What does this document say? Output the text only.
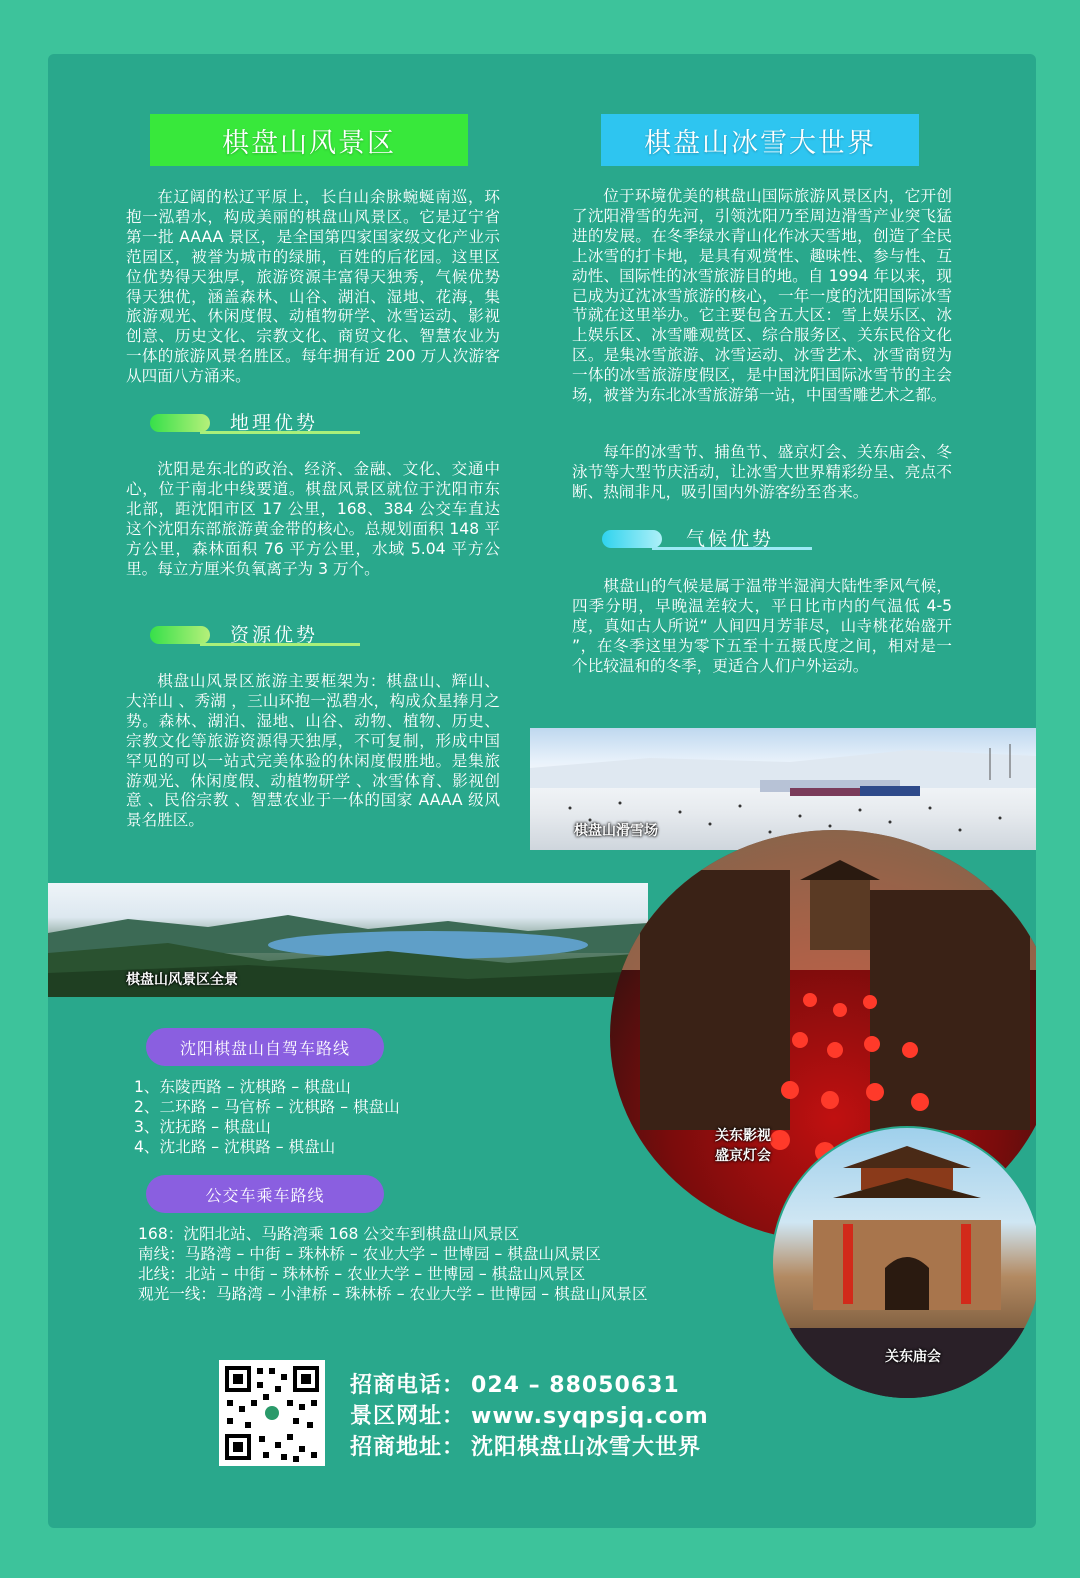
棋盘山风景区

在辽阔的松辽平原上，长白山余脉蜿蜒南巡，环抱一泓碧水，构成美丽的棋盘山风景区。它是辽宁省第一批 AAAA 景区，是全国第四家国家级文化产业示范园区，被誉为城市的绿肺，百姓的后花园。这里区位优势得天独厚，旅游资源丰富得天独秀，气候优势得天独优，涵盖森林、山谷、湖泊、湿地、花海，集旅游观光、休闲度假、动植物研学、冰雪运动、影视创意、历史文化、宗教文化、商贸文化、智慧农业为一体的旅游风景名胜区。每年拥有近 200 万人次游客从四面八方涌来。

地理优势

沈阳是东北的政治、经济、金融、文化、交通中心，位于南北中线要道。棋盘风景区就位于沈阳市东北部，距沈阳市区 17 公里，168、384 公交车直达这个沈阳东部旅游黄金带的核心。总规划面积 148 平方公里，森林面积 76 平方公里，水域 5.04 平方公里。每立方厘米负氧离子为 3 万个。

资源优势

棋盘山风景区旅游主要框架为：棋盘山、辉山、大洋山 、秀湖 ，三山环抱一泓碧水，构成众星捧月之势。森林、湖泊、湿地、山谷、动物、植物、历史、宗教文化等旅游资源得天独厚，不可复制，形成中国罕见的可以一站式完美体验的休闲度假胜地。是集旅游观光、休闲度假、动植物研学 、冰雪体育、影视创意 、民俗宗教 、智慧农业于一体的国家 AAAA 级风景名胜区。

棋盘山冰雪大世界

位于环境优美的棋盘山国际旅游风景区内，它开创了沈阳滑雪的先河，引领沈阳乃至周边滑雪产业突飞猛进的发展。在冬季绿水青山化作冰天雪地，创造了全民上冰雪的打卡地，是具有观赏性、趣味性、参与性、互动性、国际性的冰雪旅游目的地。自 1994 年以来，现已成为辽沈冰雪旅游的核心，一年一度的沈阳国际冰雪节就在这里举办。它主要包含五大区：雪上娱乐区、冰上娱乐区、冰雪雕观赏区、综合服务区、关东民俗文化区。是集冰雪旅游、冰雪运动、冰雪艺术、冰雪商贸为一体的冰雪旅游度假区，是中国沈阳国际冰雪节的主会场，被誉为东北冰雪旅游第一站，中国雪雕艺术之都。

每年的冰雪节、捕鱼节、盛京灯会、关东庙会、冬泳节等大型节庆活动，让冰雪大世界精彩纷呈、亮点不断、热闹非凡，吸引国内外游客纷至沓来。

气候优势

棋盘山的气候是属于温带半湿润大陆性季风气候，四季分明，早晚温差较大，平日比市内的气温低 4-5 度，真如古人所说“ 人间四月芳菲尽，山寺桃花始盛开 ”，在冬季这里为零下五至十五摄氏度之间，相对是一个比较温和的冬季，更适合人们户外运动。

棋盘山滑雪场
棋盘山风景区全景
关东影视
盛京灯会
关东庙会
沈阳棋盘山自驾车路线
1、东陵西路 – 沈棋路 – 棋盘山
2、二环路 – 马官桥 – 沈棋路 – 棋盘山
3、沈抚路 – 棋盘山
4、沈北路 – 沈棋路 – 棋盘山
公交车乘车路线
168：沈阳北站、马路湾乘 168 公交车到棋盘山风景区
南线：马路湾 – 中街 – 珠林桥 – 农业大学 – 世博园 – 棋盘山风景区
北线：北站 – 中街 – 珠林桥 – 农业大学 – 世博园 – 棋盘山风景区
观光一线：马路湾 – 小津桥 – 珠林桥 – 农业大学 – 世博园 – 棋盘山风景区
招商电话： 024 – 88050631
景区网址： www.syqpsjq.com
招商地址： 沈阳棋盘山冰雪大世界
